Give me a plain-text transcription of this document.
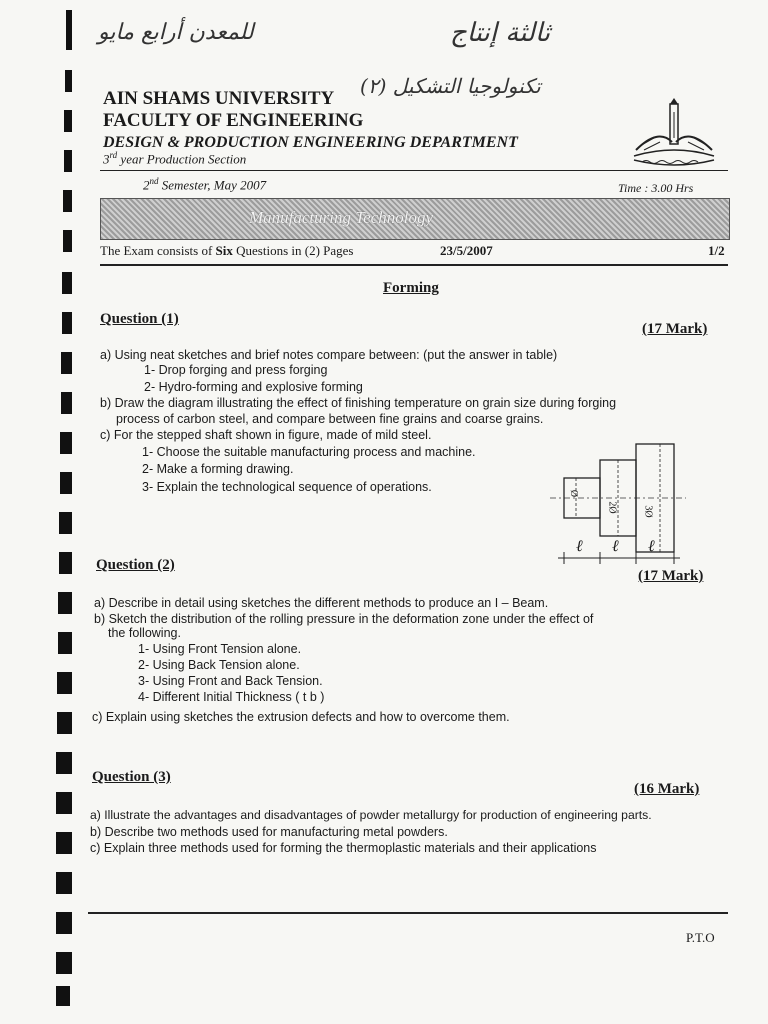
للمعدن أرابع مايو	ثالثة إنتاج
تكنولوجيا التشكيل (٢)
AIN SHAMS UNIVERSITY
FACULTY OF ENGINEERING
DESIGN & PRODUCTION ENGINEERING DEPARTMENT
3rd year Production Section
2nd Semester, May 2007	Time : 3.00 Hrs
Manufacturing Technology
The Exam consists of Six Questions in (2) Pages	23/5/2007	1/2
Forming
Question (1)
(17 Mark)
a) Using neat sketches and brief notes compare between: (put the answer in table)
1- Drop forging and press forging
2- Hydro-forming and explosive forming
b) Draw the diagram illustrating the effect of finishing temperature on grain size during forging
process of carbon steel, and compare between fine grains and coarse grains.
c) For the stepped shaft shown in figure, made of mild steel.
1- Choose the suitable manufacturing process and machine.
2- Make a forming drawing.
3- Explain the technological sequence of operations.	Ø
2Ø	3Ø
ℓ ℓ ℓ
Question (2)
(17 Mark)
a) Describe in detail using sketches the different methods to produce an I – Beam.
b) Sketch the distribution of the rolling pressure in the deformation zone under the effect of
the following.
1- Using Front Tension alone.
2- Using Back Tension alone.
3- Using Front and Back Tension.
4- Different Initial Thickness ( t b )
c) Explain using sketches the extrusion defects and how to overcome them.
Question (3)
(16 Mark)
a) Illustrate the advantages and disadvantages of powder metallurgy for production of engineering parts.
b) Describe two methods used for manufacturing metal powders.
c) Explain three methods used for forming the thermoplastic materials and their applications
P.T.O
